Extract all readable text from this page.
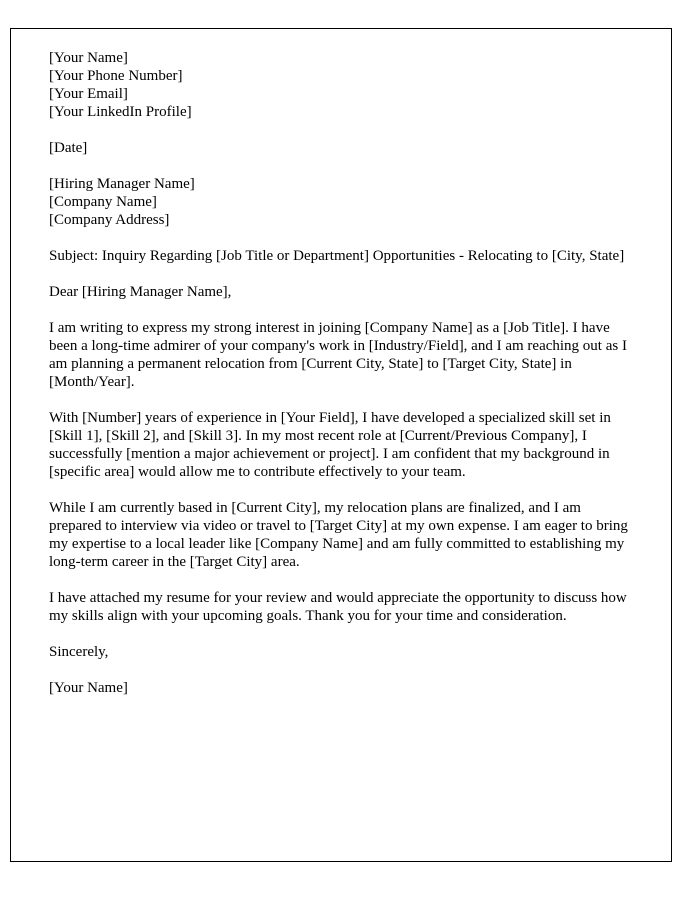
[Your Name]
[Your Phone Number]
[Your Email]
[Your LinkedIn Profile]
[Date]
[Hiring Manager Name]
[Company Name]
[Company Address]

Subject: Inquiry Regarding [Job Title or Department] Opportunities - Relocating to [City, State]

Dear [Hiring Manager Name],

I am writing to express my strong interest in joining [Company Name] as a [Job Title]. I have been a long-time admirer of your company's work in [Industry/Field], and I am reaching out as I am planning a permanent relocation from [Current City, State] to [Target City, State] in [Month/Year].

With [Number] years of experience in [Your Field], I have developed a specialized skill set in [Skill 1], [Skill 2], and [Skill 3]. In my most recent role at [Current/Previous Company], I successfully [mention a major achievement or project]. I am confident that my background in [specific area] would allow me to contribute effectively to your team.

While I am currently based in [Current City], my relocation plans are finalized, and I am prepared to interview via video or travel to [Target City] at my own expense. I am eager to bring my expertise to a local leader like [Company Name] and am fully committed to establishing my long-term career in the [Target City] area.

I have attached my resume for your review and would appreciate the opportunity to discuss how my skills align with your upcoming goals. Thank you for your time and consideration.

Sincerely,

[Your Name]
